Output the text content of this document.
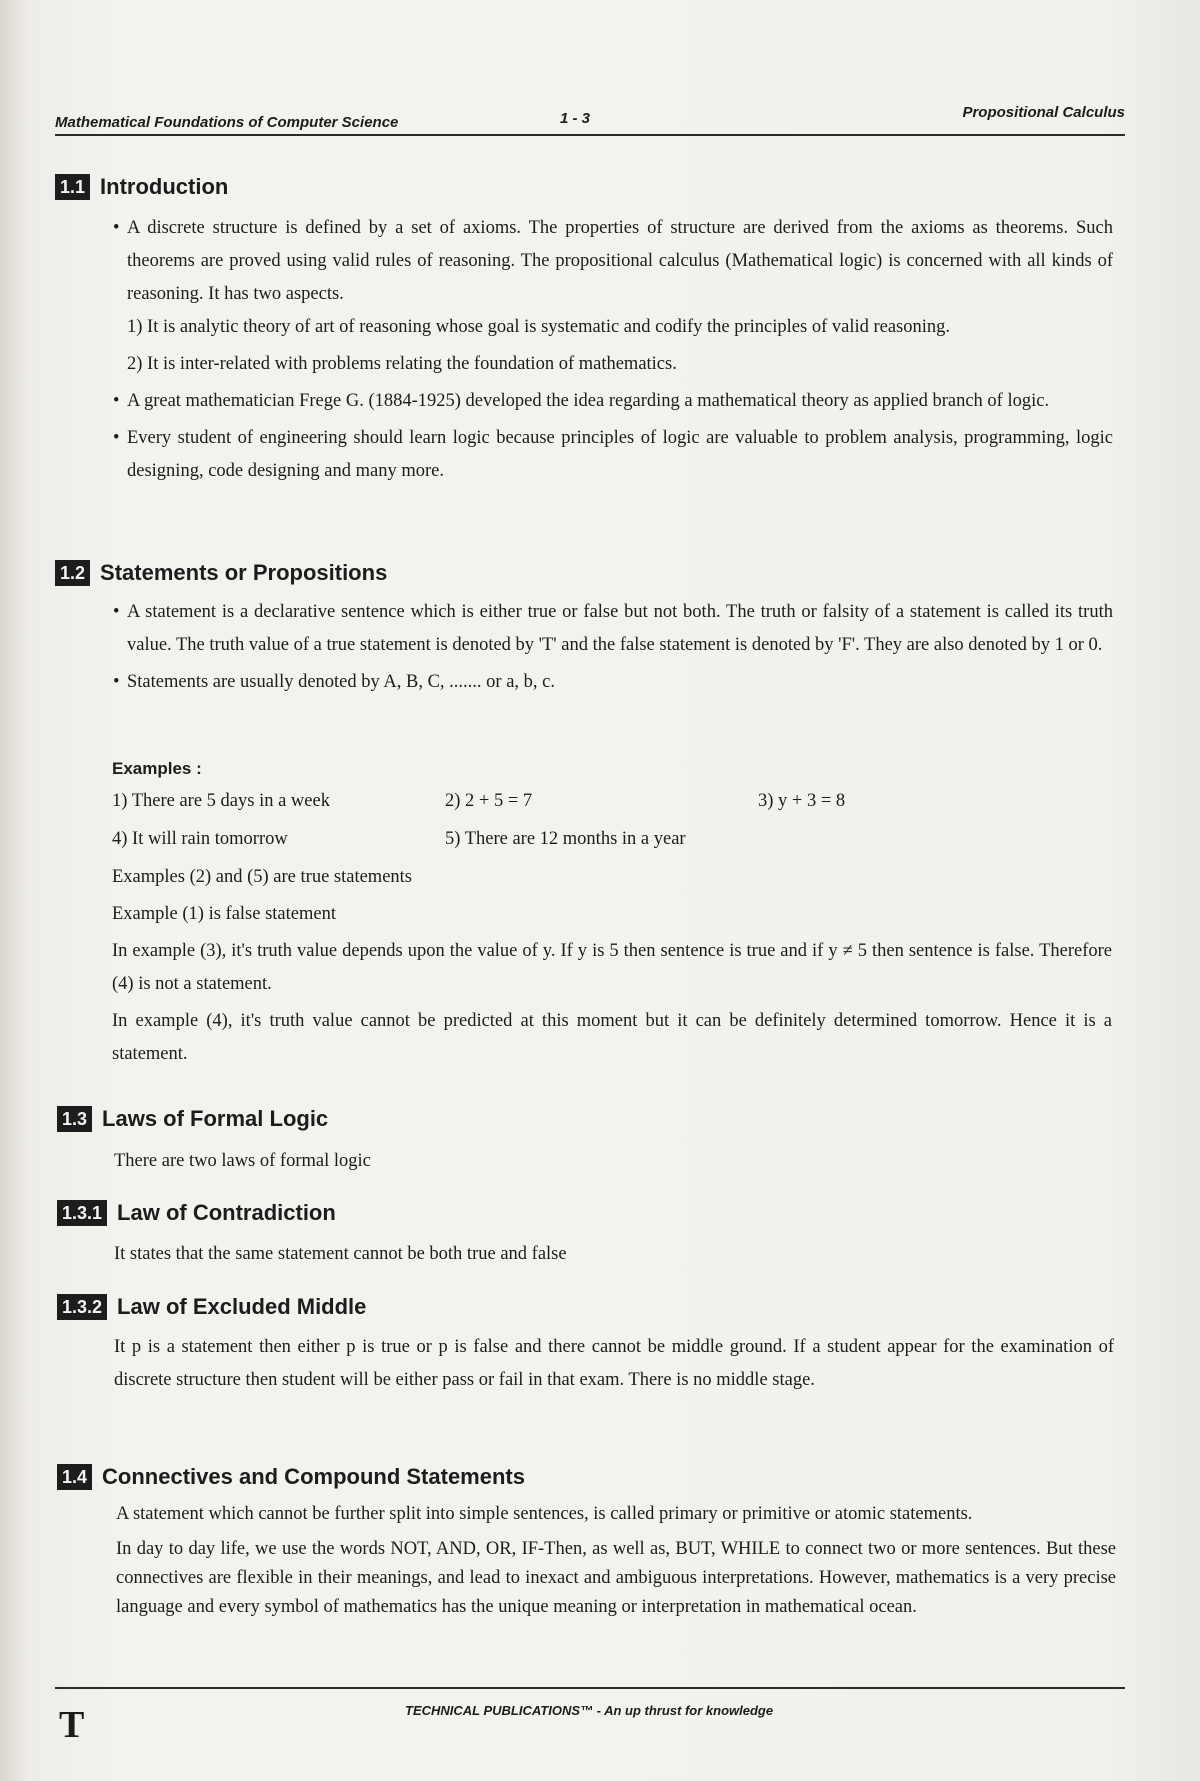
Mathematical Foundations of Computer Science	1 - 3	Propositional Calculus
1.1 Introduction
• A discrete structure is defined by a set of axioms. The properties of structure are derived from the axioms as theorems. Such theorems are proved using valid rules of reasoning. The propositional calculus (Mathematical logic) is concerned with all kinds of reasoning. It has two aspects.
1) It is analytic theory of art of reasoning whose goal is systematic and codify the principles of valid reasoning.
2) It is inter-related with problems relating the foundation of mathematics.
• A great mathematician Frege G. (1884-1925) developed the idea regarding a mathematical theory as applied branch of logic.
• Every student of engineering should learn logic because principles of logic are valuable to problem analysis, programming, logic designing, code designing and many more.
1.2 Statements or Propositions
• A statement is a declarative sentence which is either true or false but not both. The truth or falsity of a statement is called its truth value. The truth value of a true statement is denoted by 'T' and the false statement is denoted by 'F'. They are also denoted by 1 or 0.
• Statements are usually denoted by A, B, C, ....... or a, b, c.
Examples :
1) There are 5 days in a week	2) 2 + 5 = 7	3) y + 3 = 8
4) It will rain tomorrow	5) There are 12 months in a year
Examples (2) and (5) are true statements
Example (1) is false statement
In example (3), it's truth value depends upon the value of y. If y is 5 then sentence is true and if y ≠ 5 then sentence is false. Therefore (4) is not a statement.
In example (4), it's truth value cannot be predicted at this moment but it can be definitely determined tomorrow. Hence it is a statement.
1.3 Laws of Formal Logic
There are two laws of formal logic
1.3.1 Law of Contradiction
It states that the same statement cannot be both true and false
1.3.2 Law of Excluded Middle
It p is a statement then either p is true or p is false and there cannot be middle ground. If a student appear for the examination of discrete structure then student will be either pass or fail in that exam. There is no middle stage.
1.4 Connectives and Compound Statements
A statement which cannot be further split into simple sentences, is called primary or primitive or atomic statements.
In day to day life, we use the words NOT, AND, OR, IF-Then, as well as, BUT, WHILE to connect two or more sentences. But these connectives are flexible in their meanings, and lead to inexact and ambiguous interpretations. However, mathematics is a very precise language and every symbol of mathematics has the unique meaning or interpretation in mathematical ocean.
T	TECHNICAL PUBLICATIONS™ - An up thrust for knowledge
